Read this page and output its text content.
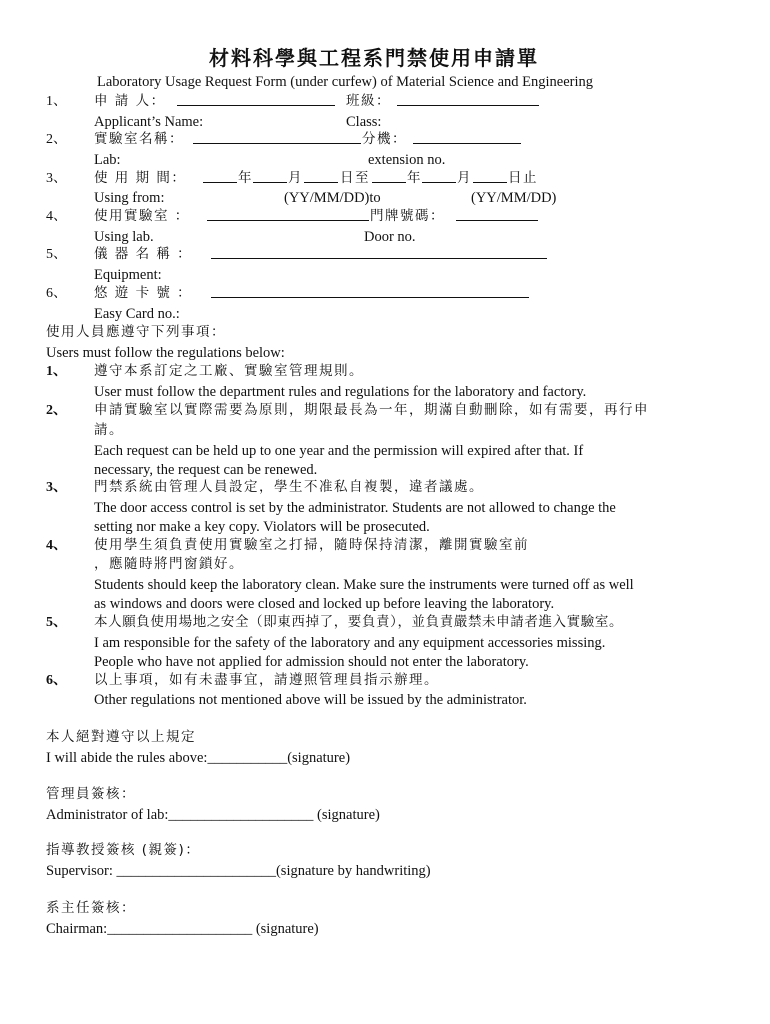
材料科學與工程系門禁使用申請單
Laboratory Usage Request Form (under curfew) of Material Science and Engineering
1、 申 請 人：	班級：
Applicant’s Name:	Class:
2、 實驗室名稱：	分機：
Lab:	extension no.
3、 使 用 期 間：	年	月	日至	年	月	日止
Using from:	(YY/MM/DD)to	(YY/MM/DD)
4、 使用實驗室 ：	門牌號碼：
Using lab.	Door no.
5、 儀 器 名 稱 ：
Equipment:
6、 悠 遊 卡 號 ：
Easy Card no.:
使用人員應遵守下列事項：
Users must follow the regulations below:
1、 遵守本系訂定之工廠、實驗室管理規則。
User must follow the department rules and regulations for the laboratory and factory.
2、 申請實驗室以實際需要為原則，期限最長為一年，期滿自動刪除，如有需要，再行申
請。
Each request can be held up to one year and the permission will expired after that. If
necessary, the request can be renewed.
3、 門禁系統由管理人員設定，學生不准私自複製，違者議處。
The door access control is set by the administrator. Students are not allowed to change the
setting nor make a key copy. Violators will be prosecuted.
4、 使用學生須負責使用實驗室之打掃，隨時保持清潔，離開實驗室前
，應隨時將門窗鎖好。
Students should keep the laboratory clean. Make sure the instruments were turned off as well
as windows and doors were closed and locked up before leaving the laboratory.
5、 本人願負使用場地之安全（即東西掉了，要負責），並負責嚴禁未申請者進入實驗室。
I am responsible for the safety of the laboratory and any equipment accessories missing.
People who have not applied for admission should not enter the laboratory.
6、 以上事項，如有未盡事宜，請遵照管理員指示辦理。
Other regulations not mentioned above will be issued by the administrator.
本人絕對遵守以上規定
I will abide the rules above:___________(signature)
管理員簽核：
Administrator of lab:____________________ (signature)
指導教授簽核 (親簽)：
Supervisor: ______________________(signature by handwriting)
系主任簽核：
Chairman:____________________ (signature)
